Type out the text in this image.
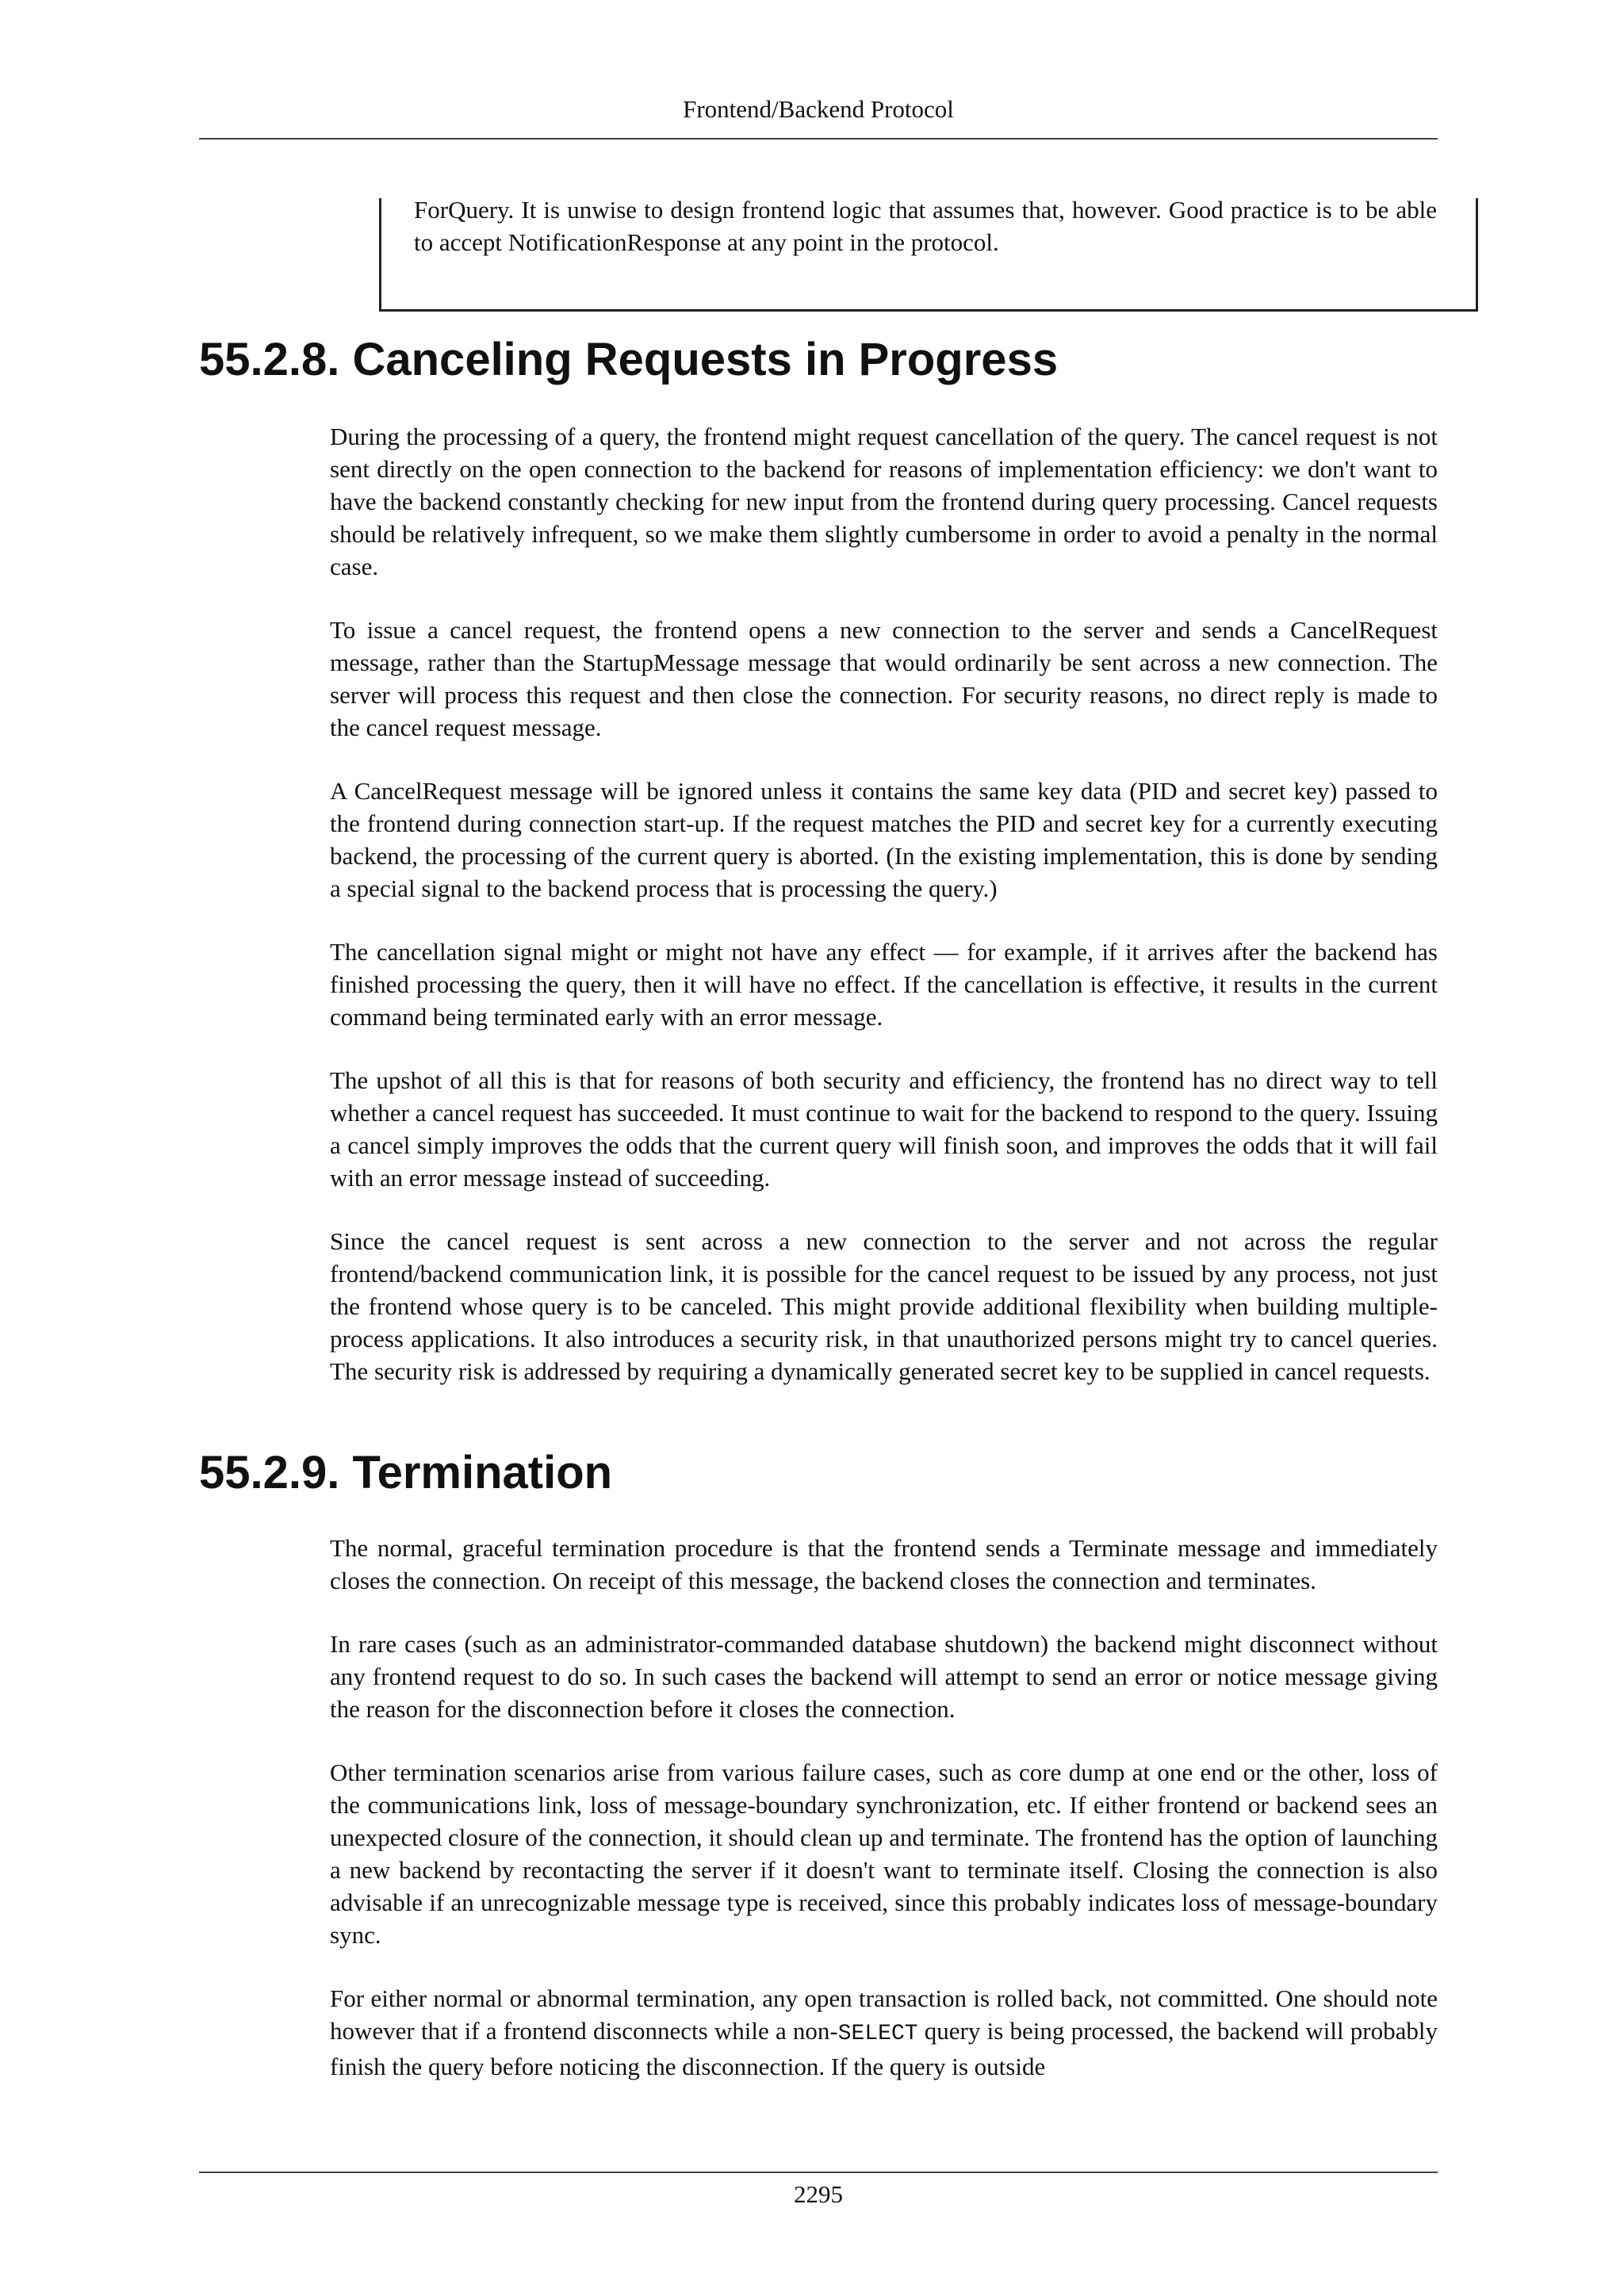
Frontend/Backend Protocol
ForQuery. It is unwise to design frontend logic that assumes that, however. Good practice is to be able to accept NotificationResponse at any point in the protocol.
55.2.8. Canceling Requests in Progress

During the processing of a query, the frontend might request cancellation of the query. The cancel request is not sent directly on the open connection to the backend for reasons of implementation efficiency: we don't want to have the backend constantly checking for new input from the frontend during query processing. Cancel requests should be relatively infrequent, so we make them slightly cumbersome in order to avoid a penalty in the normal case.

To issue a cancel request, the frontend opens a new connection to the server and sends a CancelRequest message, rather than the StartupMessage message that would ordinarily be sent across a new connection. The server will process this request and then close the connection. For security reasons, no direct reply is made to the cancel request message.

A CancelRequest message will be ignored unless it contains the same key data (PID and secret key) passed to the frontend during connection start-up. If the request matches the PID and secret key for a currently executing backend, the processing of the current query is aborted. (In the existing implementation, this is done by sending a special signal to the backend process that is processing the query.)

The cancellation signal might or might not have any effect — for example, if it arrives after the backend has finished processing the query, then it will have no effect. If the cancellation is effective, it results in the current command being terminated early with an error message.

The upshot of all this is that for reasons of both security and efficiency, the frontend has no direct way to tell whether a cancel request has succeeded. It must continue to wait for the backend to respond to the query. Issuing a cancel simply improves the odds that the current query will finish soon, and improves the odds that it will fail with an error message instead of succeeding.

Since the cancel request is sent across a new connection to the server and not across the regular frontend/backend communication link, it is possible for the cancel request to be issued by any process, not just the frontend whose query is to be canceled. This might provide additional flexibility when building multiple-process applications. It also introduces a security risk, in that unauthorized persons might try to cancel queries. The security risk is addressed by requiring a dynamically generated secret key to be supplied in cancel requests.

55.2.9. Termination

The normal, graceful termination procedure is that the frontend sends a Terminate message and immediately closes the connection. On receipt of this message, the backend closes the connection and terminates.

In rare cases (such as an administrator-commanded database shutdown) the backend might disconnect without any frontend request to do so. In such cases the backend will attempt to send an error or notice message giving the reason for the disconnection before it closes the connection.

Other termination scenarios arise from various failure cases, such as core dump at one end or the other, loss of the communications link, loss of message-boundary synchronization, etc. If either frontend or backend sees an unexpected closure of the connection, it should clean up and terminate. The frontend has the option of launching a new backend by recontacting the server if it doesn't want to terminate itself. Closing the connection is also advisable if an unrecognizable message type is received, since this probably indicates loss of message-boundary sync.

For either normal or abnormal termination, any open transaction is rolled back, not committed. One should note however that if a frontend disconnects while a non-SELECT query is being processed, the backend will probably finish the query before noticing the disconnection. If the query is outside

2295
